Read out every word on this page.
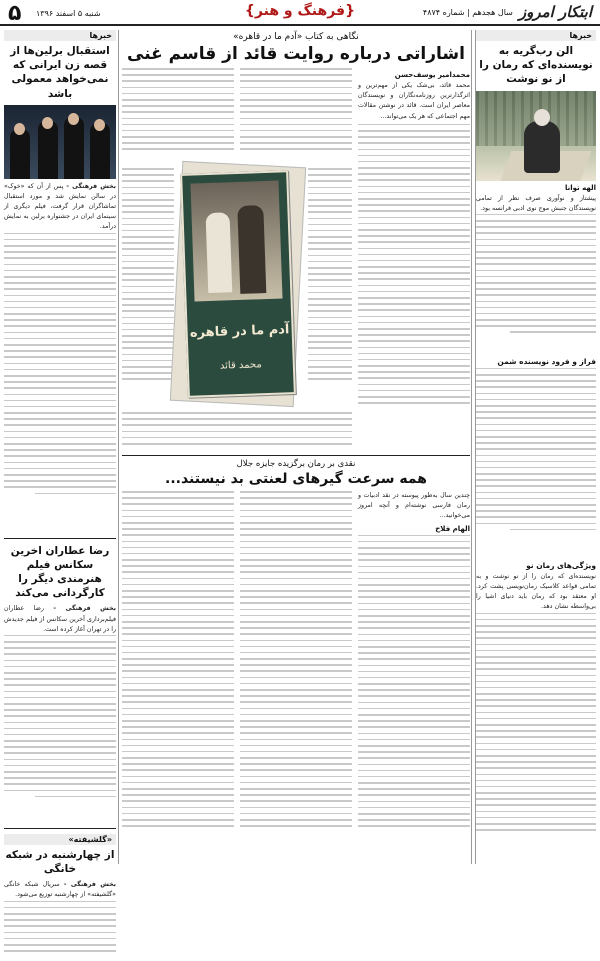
۵ شنبه ۵ اسفند ۱۳۹۶	{فرهنگ و هنر}	ابتکار امروز
سال هجدهم | شماره ۴۸۷۴
خبرها
الن رب‌گریه به نویسنده‌ای که رمان را از نو نوشت
الهه توانا
پیشتاز و نوآوری صرف نظر از تمامی نویسندگان جنبش موج نوی ادبی فرانسه بود.
فراز و فرود نویسنده شمن
ویژگی‌های رمان نو
نویسنده‌ای که رمان را از نو نوشت و به تمامی قواعد کلاسیک رمان‌نویسی پشت کرد. او معتقد بود که رمان باید دنیای اشیا را بی‌واسطه نشان دهد.
خبرها
استقبال برلین‌ها از قصه زن ایرانی که نمی‌خواهد معمولی باشد
بخش فرهنگی - پس از آن که «خوک» در سالن نمایش شد و مورد استقبال تماشاگران قرار گرفت، فیلم دیگری از سینمای ایران در جشنواره برلین به نمایش درآمد.
رضا عطاران اخرین سکانس فیلم هنرمندی دیگر را کارگردانی می‌کند
بخش فرهنگی - رضا عطاران فیلم‌برداری آخرین سکانس از فیلم جدیدش را در تهران آغاز کرده است.
«گلشیفته»
از چهارشنبه در شبکه خانگی
بخش فرهنگی - سریال شبکه خانگی «گلشیفته» از چهارشنبه توزیع می‌شود.
نگاهی به کتاب «آدم ما در قاهره»
اشاراتی درباره روایت قائد از قاسم غنی
محمدامیر یوسف‌حسن
محمد قائد، بی‌شک یکی از مهم‌ترین و اثرگذارترین روزنامه‌نگاران و نویسندگان معاصر ایران است. قائد در نوشتن مقالات مهم اجتماعی که هر یک می‌تواند...
آدم ما در قاهره
محمد قائد
نقدی بر رمان برگزیده جایزه جلال
همه سرعت گیرهای لعنتی بد نیستند...
چندین سال به‌طور پیوسته در نقد ادبیات و رمان فارسی نوشته‌ام و آنچه امروز می‌خوانید...
الهام فلاح
